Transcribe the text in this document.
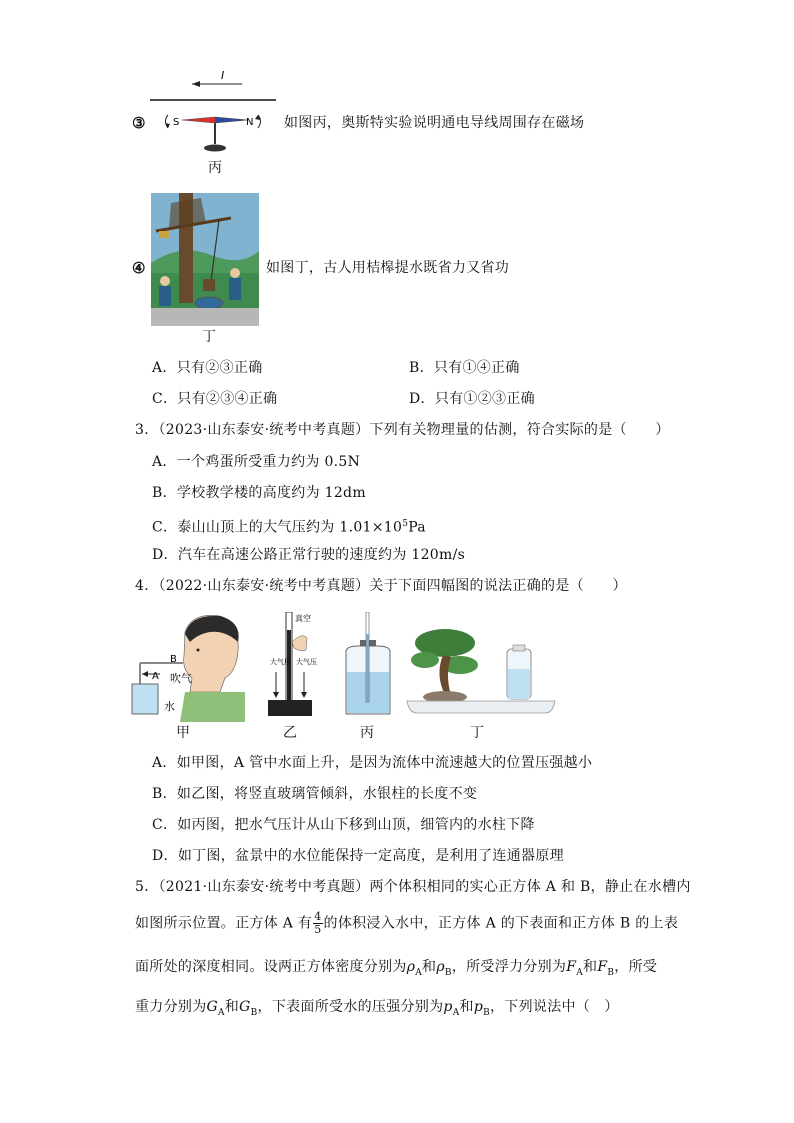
I
S	N
③	如图丙，奥斯特实验说明通电导线周围存在磁场
丙
④	如图丁，古人用桔槔提水既省力又省功
丁
A．只有②③正确	B．只有①④正确
C．只有②③④正确	D．只有①②③正确
3．（2023·山东泰安·统考中考真题）下列有关物理量的估测，符合实际的是（　　）
A．一个鸡蛋所受重力约为 0.5N
B．学校教学楼的高度约为 12dm
C．泰山山顶上的大气压约为 $1.01\times 10^5Pa$
D．汽车在高速公路正常行驶的速度约为 120m/s
4．（2022·山东泰安·统考中考真题）关于下面四幅图的说法正确的是（　　）
B
A 吹气
水
甲
真空
大气压 大气压
乙	丙	丁
A．如甲图，A 管中水面上升，是因为流体中流速越大的位置压强越小
B．如乙图，将竖直玻璃管倾斜，水银柱的长度不变
C．如丙图，把水气压计从山下移到山顶，细管内的水柱下降
D．如丁图，盆景中的水位能保持一定高度，是利用了连通器原理
5．（2021·山东泰安·统考中考真题）两个体积相同的实心正方体 A 和 B，静止在水槽内
如图所示位置。正方体 A 有 $\frac{4}{5}$ 的体积浸入水中，正方体 A 的下表面和正方体 B 的上表
面所处的深度相同。设两正方体密度分别为$\rho_A$和$\rho_B$，所受浮力分别为$F_A$和$F_B$，所受
重力分别为$G_A$和$G_B$，下表面所受水的压强分别为$p_A$和$p_B$，下列说法中（　）
